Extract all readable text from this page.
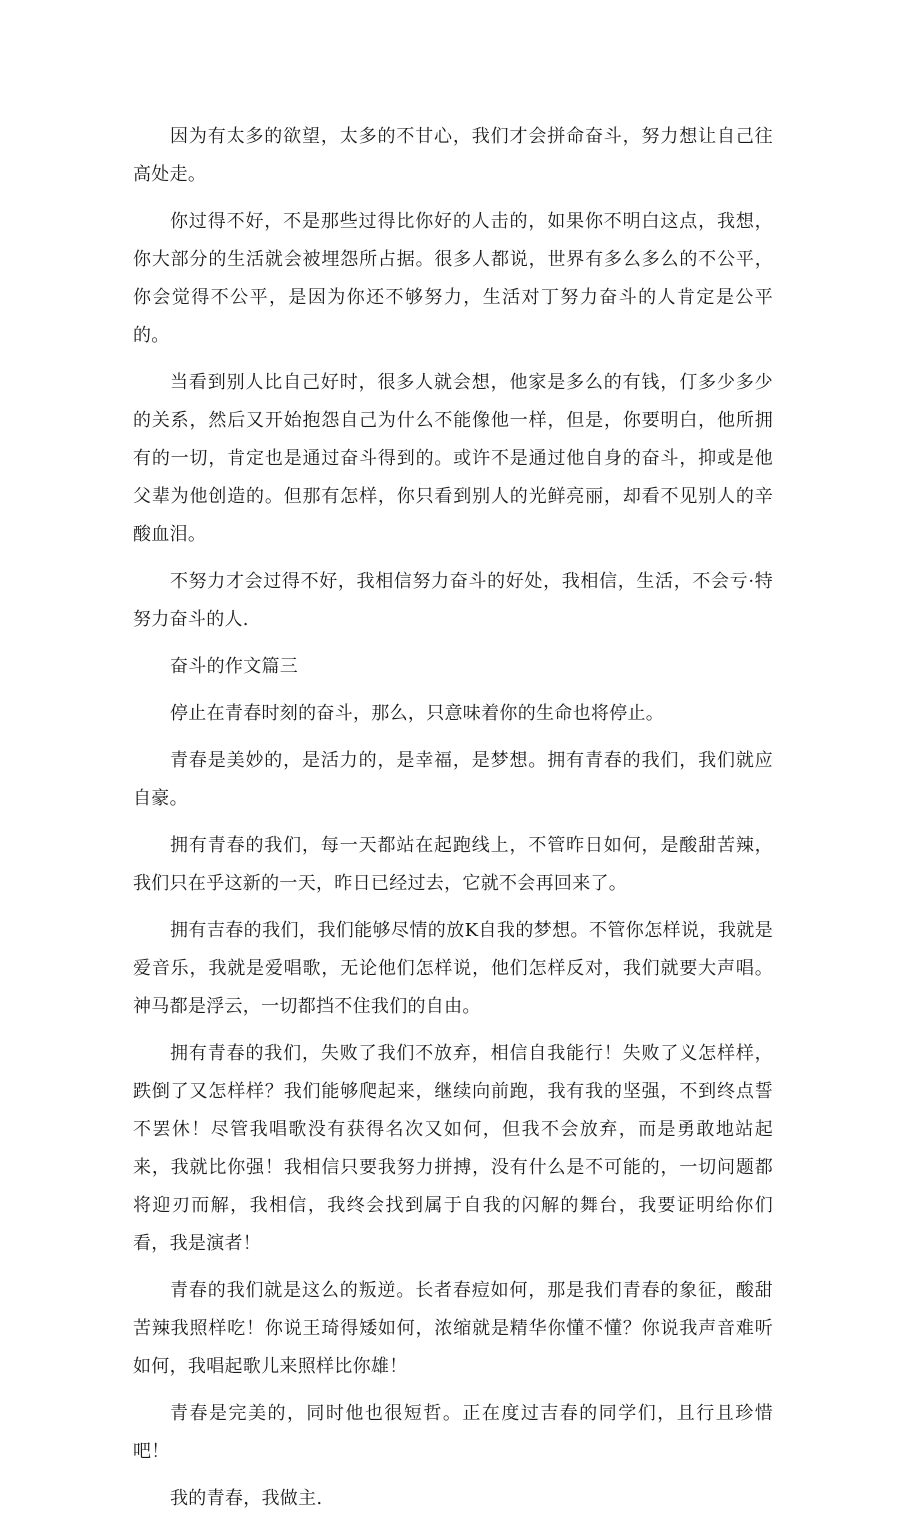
因为有太多的欲望，太多的不甘心，我们才会拼命奋斗，努力想让自己往高处走。

你过得不好，不是那些过得比你好的人击的，如果你不明白这点，我想，你大部分的生活就会被埋怨所占据。很多人都说，世界有多么多么的不公平，你会觉得不公平，是因为你还不够努力，生活对丁努力奋斗的人肯定是公平的。

当看到别人比自己好时，很多人就会想，他家是多么的有钱，仃多少多少的关系，然后又开始抱怨自己为什么不能像他一样，但是，你要明白，他所拥有的一切，肯定也是通过奋斗得到的。或许不是通过他自身的奋斗，抑或是他父辈为他创造的。但那有怎样，你只看到别人的光鲜亮丽，却看不见别人的辛酸血泪。

不努力才会过得不好，我相信努力奋斗的好处，我相信，生活，不会亏·特努力奋斗的人.

奋斗的作文篇三

停止在青春时刻的奋斗，那么，只意味着你的生命也将停止。

青春是美妙的，是活力的，是幸福，是梦想。拥有青春的我们，我们就应自豪。

拥有青春的我们，每一天都站在起跑线上，不管昨日如何，是酸甜苦辣，我们只在乎这新的一天，昨日已经过去，它就不会再回来了。

拥有吉春的我们，我们能够尽情的放K自我的梦想。不管你怎样说，我就是爱音乐，我就是爱唱歌，无论他们怎样说，他们怎样反对，我们就要大声唱。神马都是浮云，一切都挡不住我们的自由。

拥有青春的我们，失败了我们不放弃，相信自我能行！失败了义怎样样，跌倒了又怎样样？我们能够爬起来，继续向前跑，我有我的坚强，不到终点誓不罢休！尽管我唱歌没有获得名次又如何，但我不会放弃，而是勇敢地站起来，我就比你强！我相信只要我努力拼搏，没有什么是不可能的，一切问题都将迎刃而解，我相信，我终会找到属于自我的闪解的舞台，我要证明给你们看，我是演者！

青春的我们就是这么的叛逆。长者春痘如何，那是我们青春的象征，酸甜苦辣我照样吃！你说王琦得矮如何，浓缩就是精华你懂不懂？你说我声音难听如何，我唱起歌儿来照样比你雄！

青春是完美的，同时他也很短哲。正在度过吉春的同学们，且行且珍惜吧！

我的青春，我做主.
